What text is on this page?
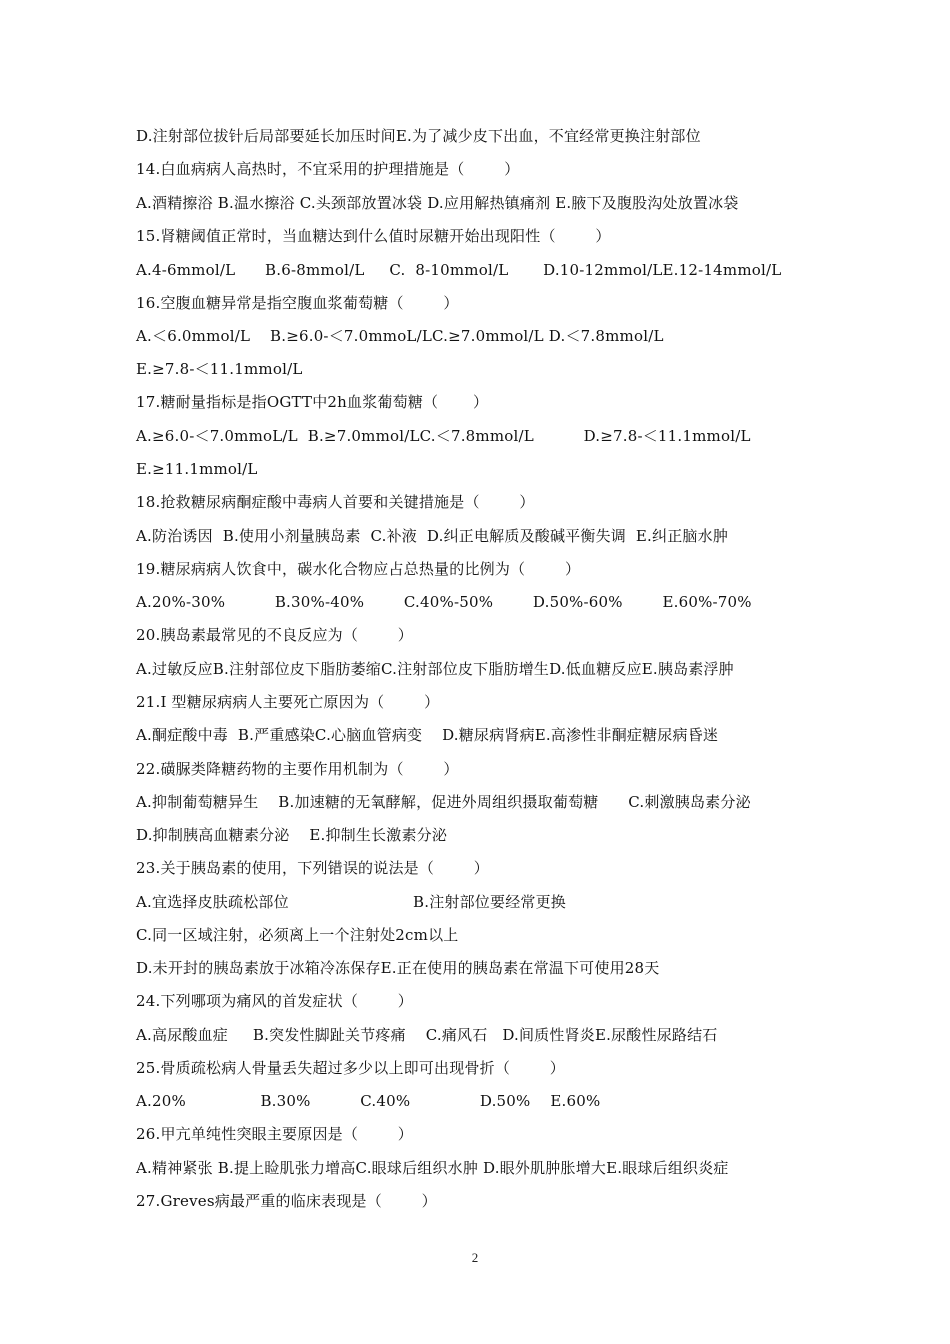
D.注射部位拔针后局部要延长加压时间E.为了减少皮下出血，不宜经常更换注射部位
14.白血病病人高热时，不宜采用的护理措施是（        ）
A.酒精擦浴 B.温水擦浴 C.头颈部放置冰袋 D.应用解热镇痛剂 E.腋下及腹股沟处放置冰袋
15.肾糖阈值正常时，当血糖达到什么值时尿糖开始出现阳性（        ）
A.4-6mmol/L      B.6-8mmol/L     C.  8-10mmol/L       D.10-12mmol/LE.12-14mmol/L
16.空腹血糖异常是指空腹血浆葡萄糖（        ）
A.＜6.0mmol/L    B.≥6.0-＜7.0mmoL/LC.≥7.0mmol/L D.＜7.8mmol/L
E.≥7.8-＜11.1mmol/L
17.糖耐量指标是指OGTT中2h血浆葡萄糖（       ）
A.≥6.0-＜7.0mmoL/L  B.≥7.0mmol/LC.＜7.8mmol/L          D.≥7.8-＜11.1mmol/L
E.≥11.1mmol/L
18.抢救糖尿病酮症酸中毒病人首要和关键措施是（        ）
A.防治诱因  B.使用小剂量胰岛素  C.补液  D.纠正电解质及酸碱平衡失调  E.纠正脑水肿
19.糖尿病病人饮食中，碳水化合物应占总热量的比例为（        ）
A.20%-30%          B.30%-40%        C.40%-50%        D.50%-60%        E.60%-70%
20.胰岛素最常见的不良反应为（        ）
A.过敏反应B.注射部位皮下脂肪萎缩C.注射部位皮下脂肪增生D.低血糖反应E.胰岛素浮肿
21.Ⅰ 型糖尿病病人主要死亡原因为（        ）
A.酮症酸中毒  B.严重感染C.心脑血管病变    D.糖尿病肾病E.高渗性非酮症糖尿病昏迷
22.磺脲类降糖药物的主要作用机制为（        ）
A.抑制葡萄糖异生    B.加速糖的无氧酵解，促进外周组织摄取葡萄糖      C.刺激胰岛素分泌
D.抑制胰高血糖素分泌    E.抑制生长激素分泌
23.关于胰岛素的使用，下列错误的说法是（        ）
A.宜选择皮肤疏松部位                         B.注射部位要经常更换
C.同一区域注射，必须离上一个注射处2cm以上
D.未开封的胰岛素放于冰箱冷冻保存E.正在使用的胰岛素在常温下可使用28天
24.下列哪项为痛风的首发症状（        ）
A.高尿酸血症     B.突发性脚趾关节疼痛    C.痛风石   D.间质性肾炎E.尿酸性尿路结石
25.骨质疏松病人骨量丢失超过多少以上即可出现骨折（        ）
A.20%               B.30%          C.40%              D.50%    E.60%
26.甲亢单纯性突眼主要原因是（        ）
A.精神紧张 B.提上睑肌张力增高C.眼球后组织水肿 D.眼外肌肿胀增大E.眼球后组织炎症
27.Greves病最严重的临床表现是（        ）
2
